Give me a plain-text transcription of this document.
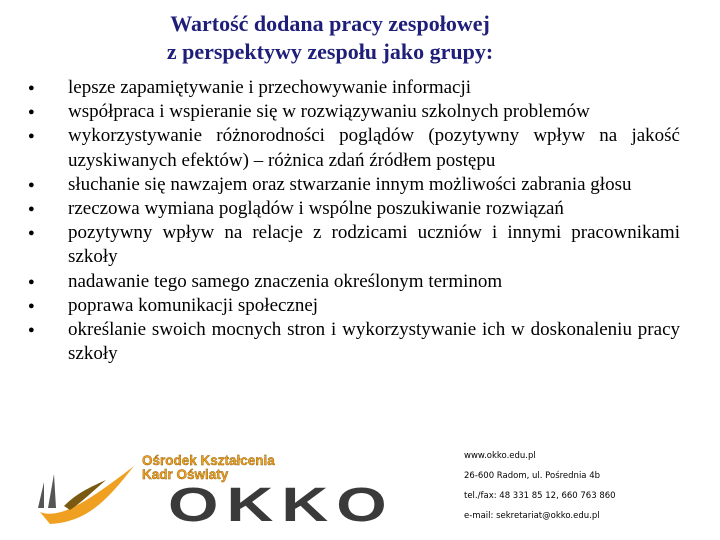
Wartość dodana pracy zespołowej
z perspektywy zespołu jako grupy:
● lepsze zapamiętywanie i przechowywanie informacji
● współpraca i wspieranie się w rozwiązywaniu szkolnych problemów
● wykorzystywanie różnorodności poglądów (pozytywny wpływ na jakość uzyskiwanych efektów) – różnica zdań źródłem postępu
● słuchanie się nawzajem oraz stwarzanie innym możliwości zabrania głosu
● rzeczowa wymiana poglądów i wspólne poszukiwanie rozwiązań
● pozytywny wpływ na relacje z rodzicami uczniów i innymi pracownikami szkoły
● nadawanie tego samego znaczenia określonym terminom
● poprawa komunikacji społecznej
● określanie swoich mocnych stron i wykorzystywanie ich w doskonaleniu pracy szkoły
Ośrodek Kształcenia
Kadr Oświaty
OKKO
www.okko.edu.pl
26-600 Radom, ul. Pośrednia 4b
tel./fax: 48 331 85 12, 660 763 860
e-mail: sekretariat@okko.edu.pl
